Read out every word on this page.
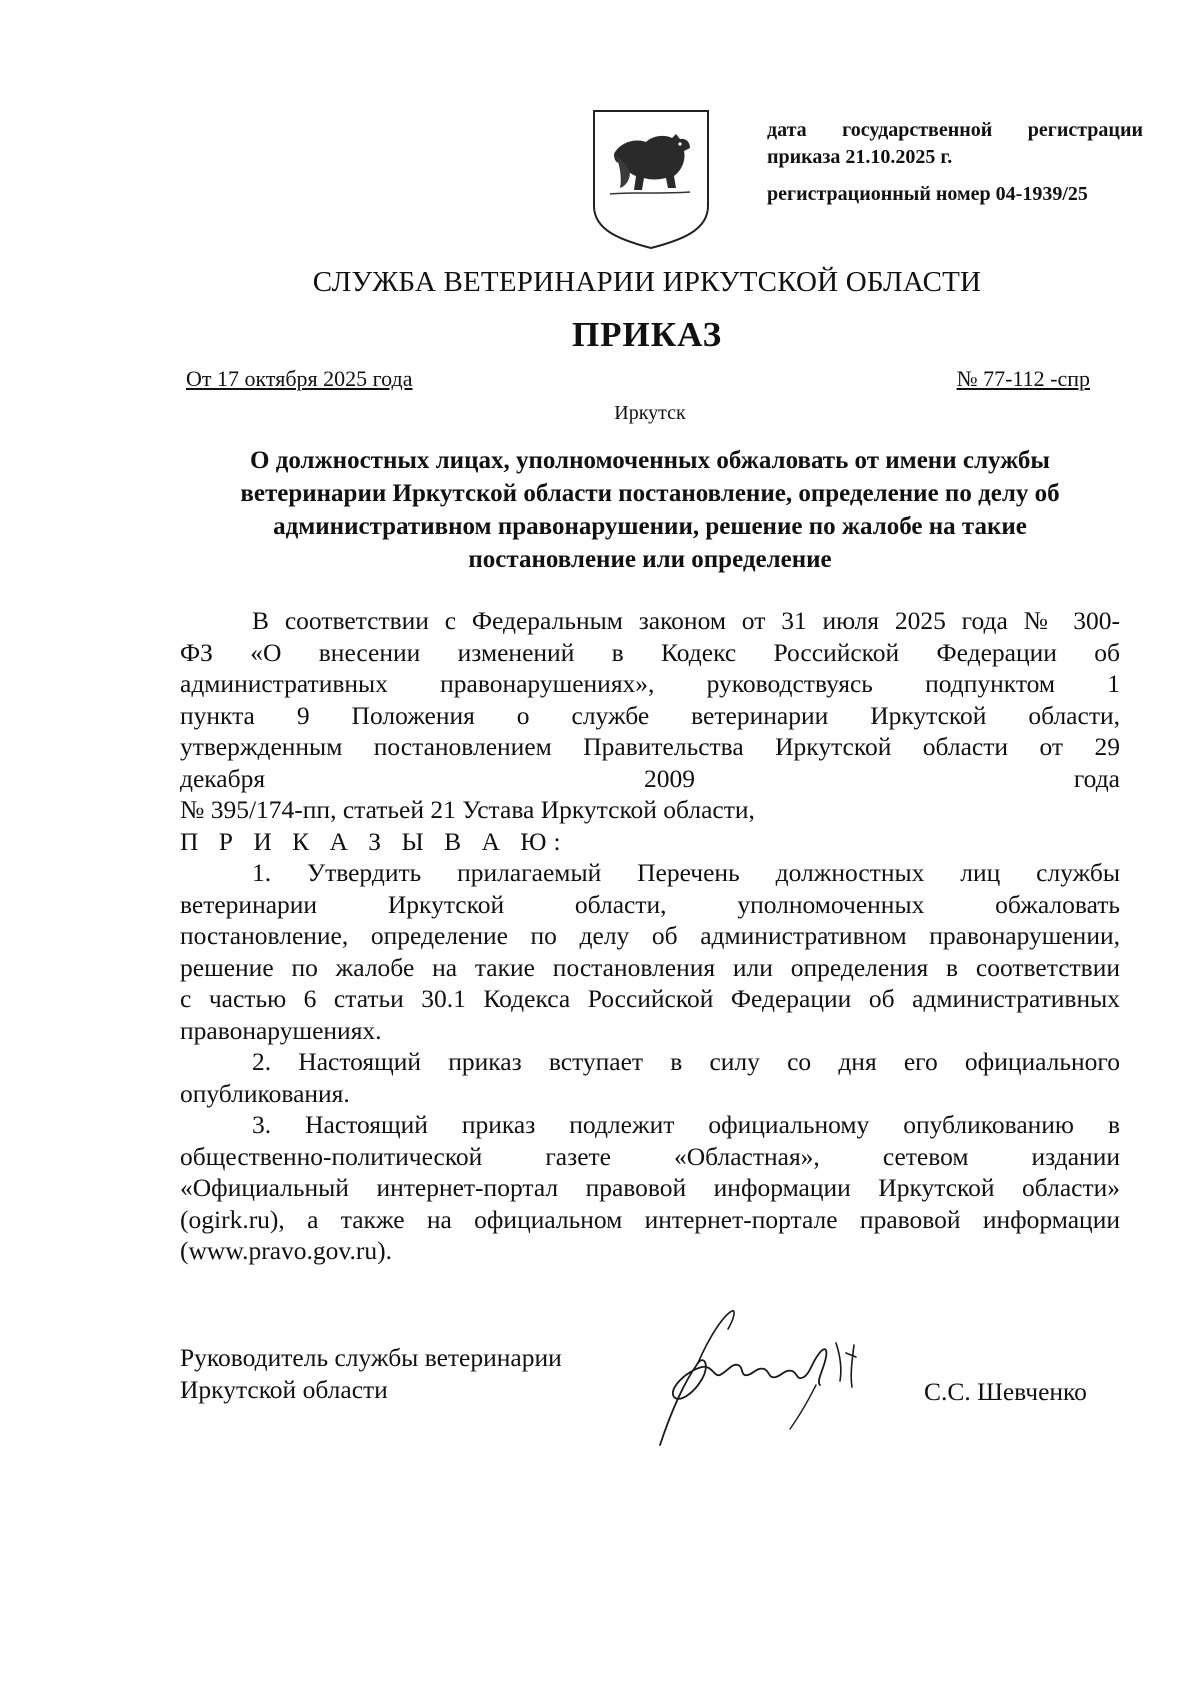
дата государственной регистрации
приказа 21.10.2025 г.
регистрационный номер 04-1939/25
СЛУЖБА ВЕТЕРИНАРИИ ИРКУТСКОЙ ОБЛАСТИ
ПРИКАЗ
От 17 октября 2025 года	№ 77-112 -спр
Иркутск
О должностных лицах, уполномоченных обжаловать от имени службы
ветеринарии Иркутской области постановление, определение по делу об
административном правонарушении, решение по жалобе на такие
постановление или определение
В соответствии с Федеральным законом от 31 июля 2025 года № 300-
ФЗ «О внесении изменений в Кодекс Российской Федерации об
административных правонарушениях», руководствуясь подпунктом 1
пункта 9 Положения о службе ветеринарии Иркутской области,
утвержденным постановлением Правительства Иркутской области от 29
декабря 2009 года
№ 395/174-пп, статьей 21 Устава Иркутской области,
П Р И К А З Ы В А Ю:
1. Утвердить прилагаемый Перечень должностных лиц службы
ветеринарии Иркутской области, уполномоченных обжаловать
постановление, определение по делу об административном правонарушении,
решение по жалобе на такие постановления или определения в соответствии
с частью 6 статьи 30.1 Кодекса Российской Федерации об административных
правонарушениях.
2. Настоящий приказ вступает в силу со дня его официального
опубликования.
3. Настоящий приказ подлежит официальному опубликованию в
общественно-политической газете «Областная», сетевом издании
«Официальный интернет-портал правовой информации Иркутской области»
(ogirk.ru), а также на официальном интернет-портале правовой информации
(www.pravo.gov.ru).
Руководитель службы ветеринарии
Иркутской области	С.С. Шевченко
